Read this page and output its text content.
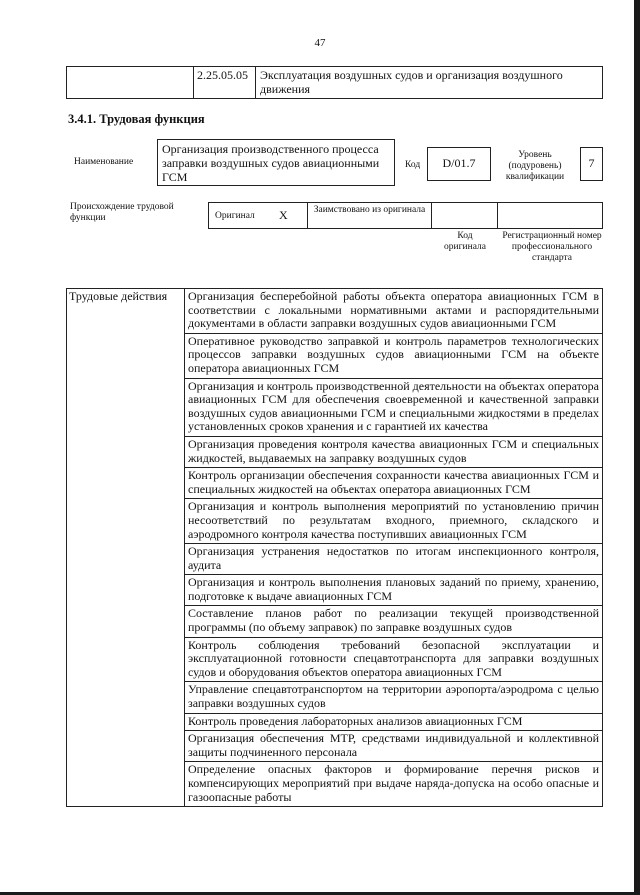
47
2.25.05.05	Эксплуатация воздушных судов и организация воздушного движения
3.4.1. Трудовая функция
Наименование
Организация производственного процесса заправки воздушных судов авиационными ГСМ
Код	D/01.7
Уровень (подуровень) квалификации
7
Происхождение трудовой функции	Оригинал X	Заимствовано из оригинала
Код оригинала
Регистрационный номер профессионального стандарта
Трудовые действия	Организация бесперебойной работы объекта оператора авиационных ГСМ в соответствии с локальными нормативными актами и распорядительными документами в области заправки воздушных судов авиационными ГСМ
Оперативное руководство заправкой и контроль параметров технологических процессов заправки воздушных судов авиационными ГСМ на объекте оператора авиационных ГСМ
Организация и контроль производственной деятельности на объектах оператора авиационных ГСМ для обеспечения своевременной и качественной заправки воздушных судов авиационными ГСМ и специальными жидкостями в пределах установленных сроков хранения и с гарантией их качества
Организация проведения контроля качества авиационных ГСМ и специальных жидкостей, выдаваемых на заправку воздушных судов
Контроль организации обеспечения сохранности качества авиационных ГСМ и специальных жидкостей на объектах оператора авиационных ГСМ
Организация и контроль выполнения мероприятий по установлению причин несоответствий по результатам входного, приемного, складского и аэродромного контроля качества поступивших авиационных ГСМ
Организация устранения недостатков по итогам инспекционного контроля, аудита
Организация и контроль выполнения плановых заданий по приему, хранению, подготовке к выдаче авиационных ГСМ
Составление планов работ по реализации текущей производственной программы (по объему заправок) по заправке воздушных судов
Контроль соблюдения требований безопасной эксплуатации и эксплуатационной готовности спецавтотранспорта для заправки воздушных судов и оборудования объектов оператора авиационных ГСМ
Управление спецавтотранспортом на территории аэропорта/аэродрома с целью заправки воздушных судов
Контроль проведения лабораторных анализов авиационных ГСМ
Организация обеспечения МТР, средствами индивидуальной и коллективной защиты подчиненного персонала
Определение опасных факторов и формирование перечня рисков и компенсирующих мероприятий при выдаче наряда-допуска на особо опасные и газоопасные работы
